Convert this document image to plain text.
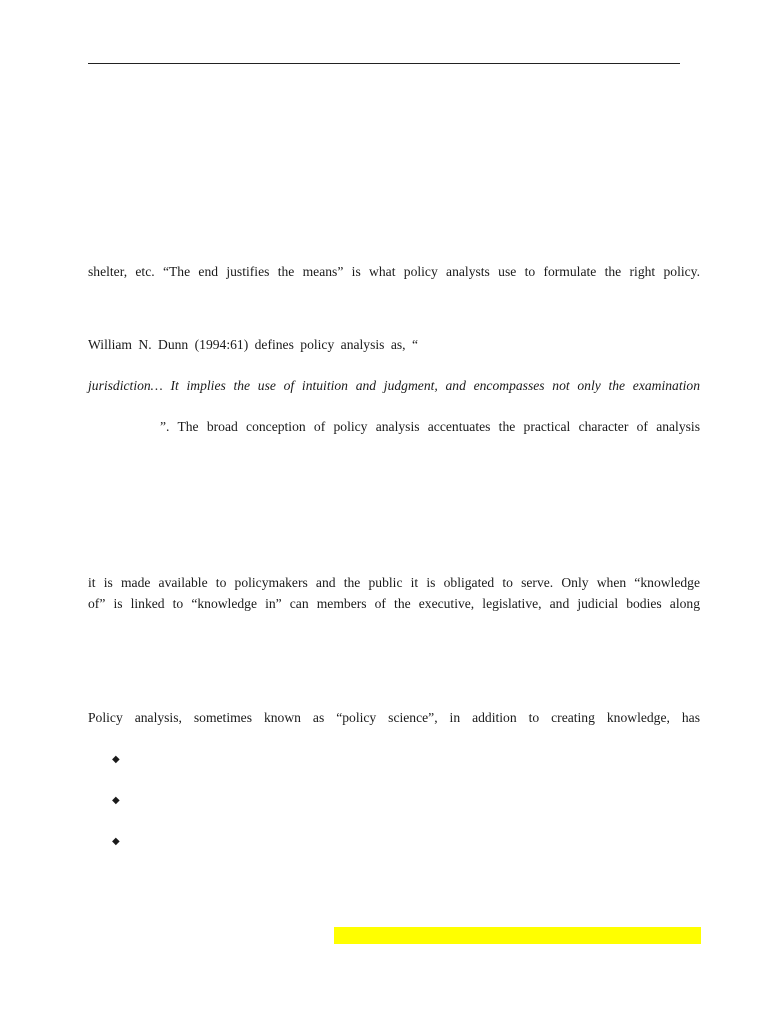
shelter, etc. “The end justifies the means” is what policy analysts use to formulate the right policy.
William N. Dunn (1994:61) defines policy analysis as, “
jurisdiction… It implies the use of intuition and judgment, and encompasses not only the examination
”. The broad conception of policy analysis accentuates the practical character of analysis
it is made available to policymakers and the public it is obligated to serve. Only when “knowledge
of” is linked to “knowledge in” can members of the executive, legislative, and judicial bodies along
Policy analysis, sometimes known as “policy science”, in addition to creating knowledge, has
◆
◆
◆
